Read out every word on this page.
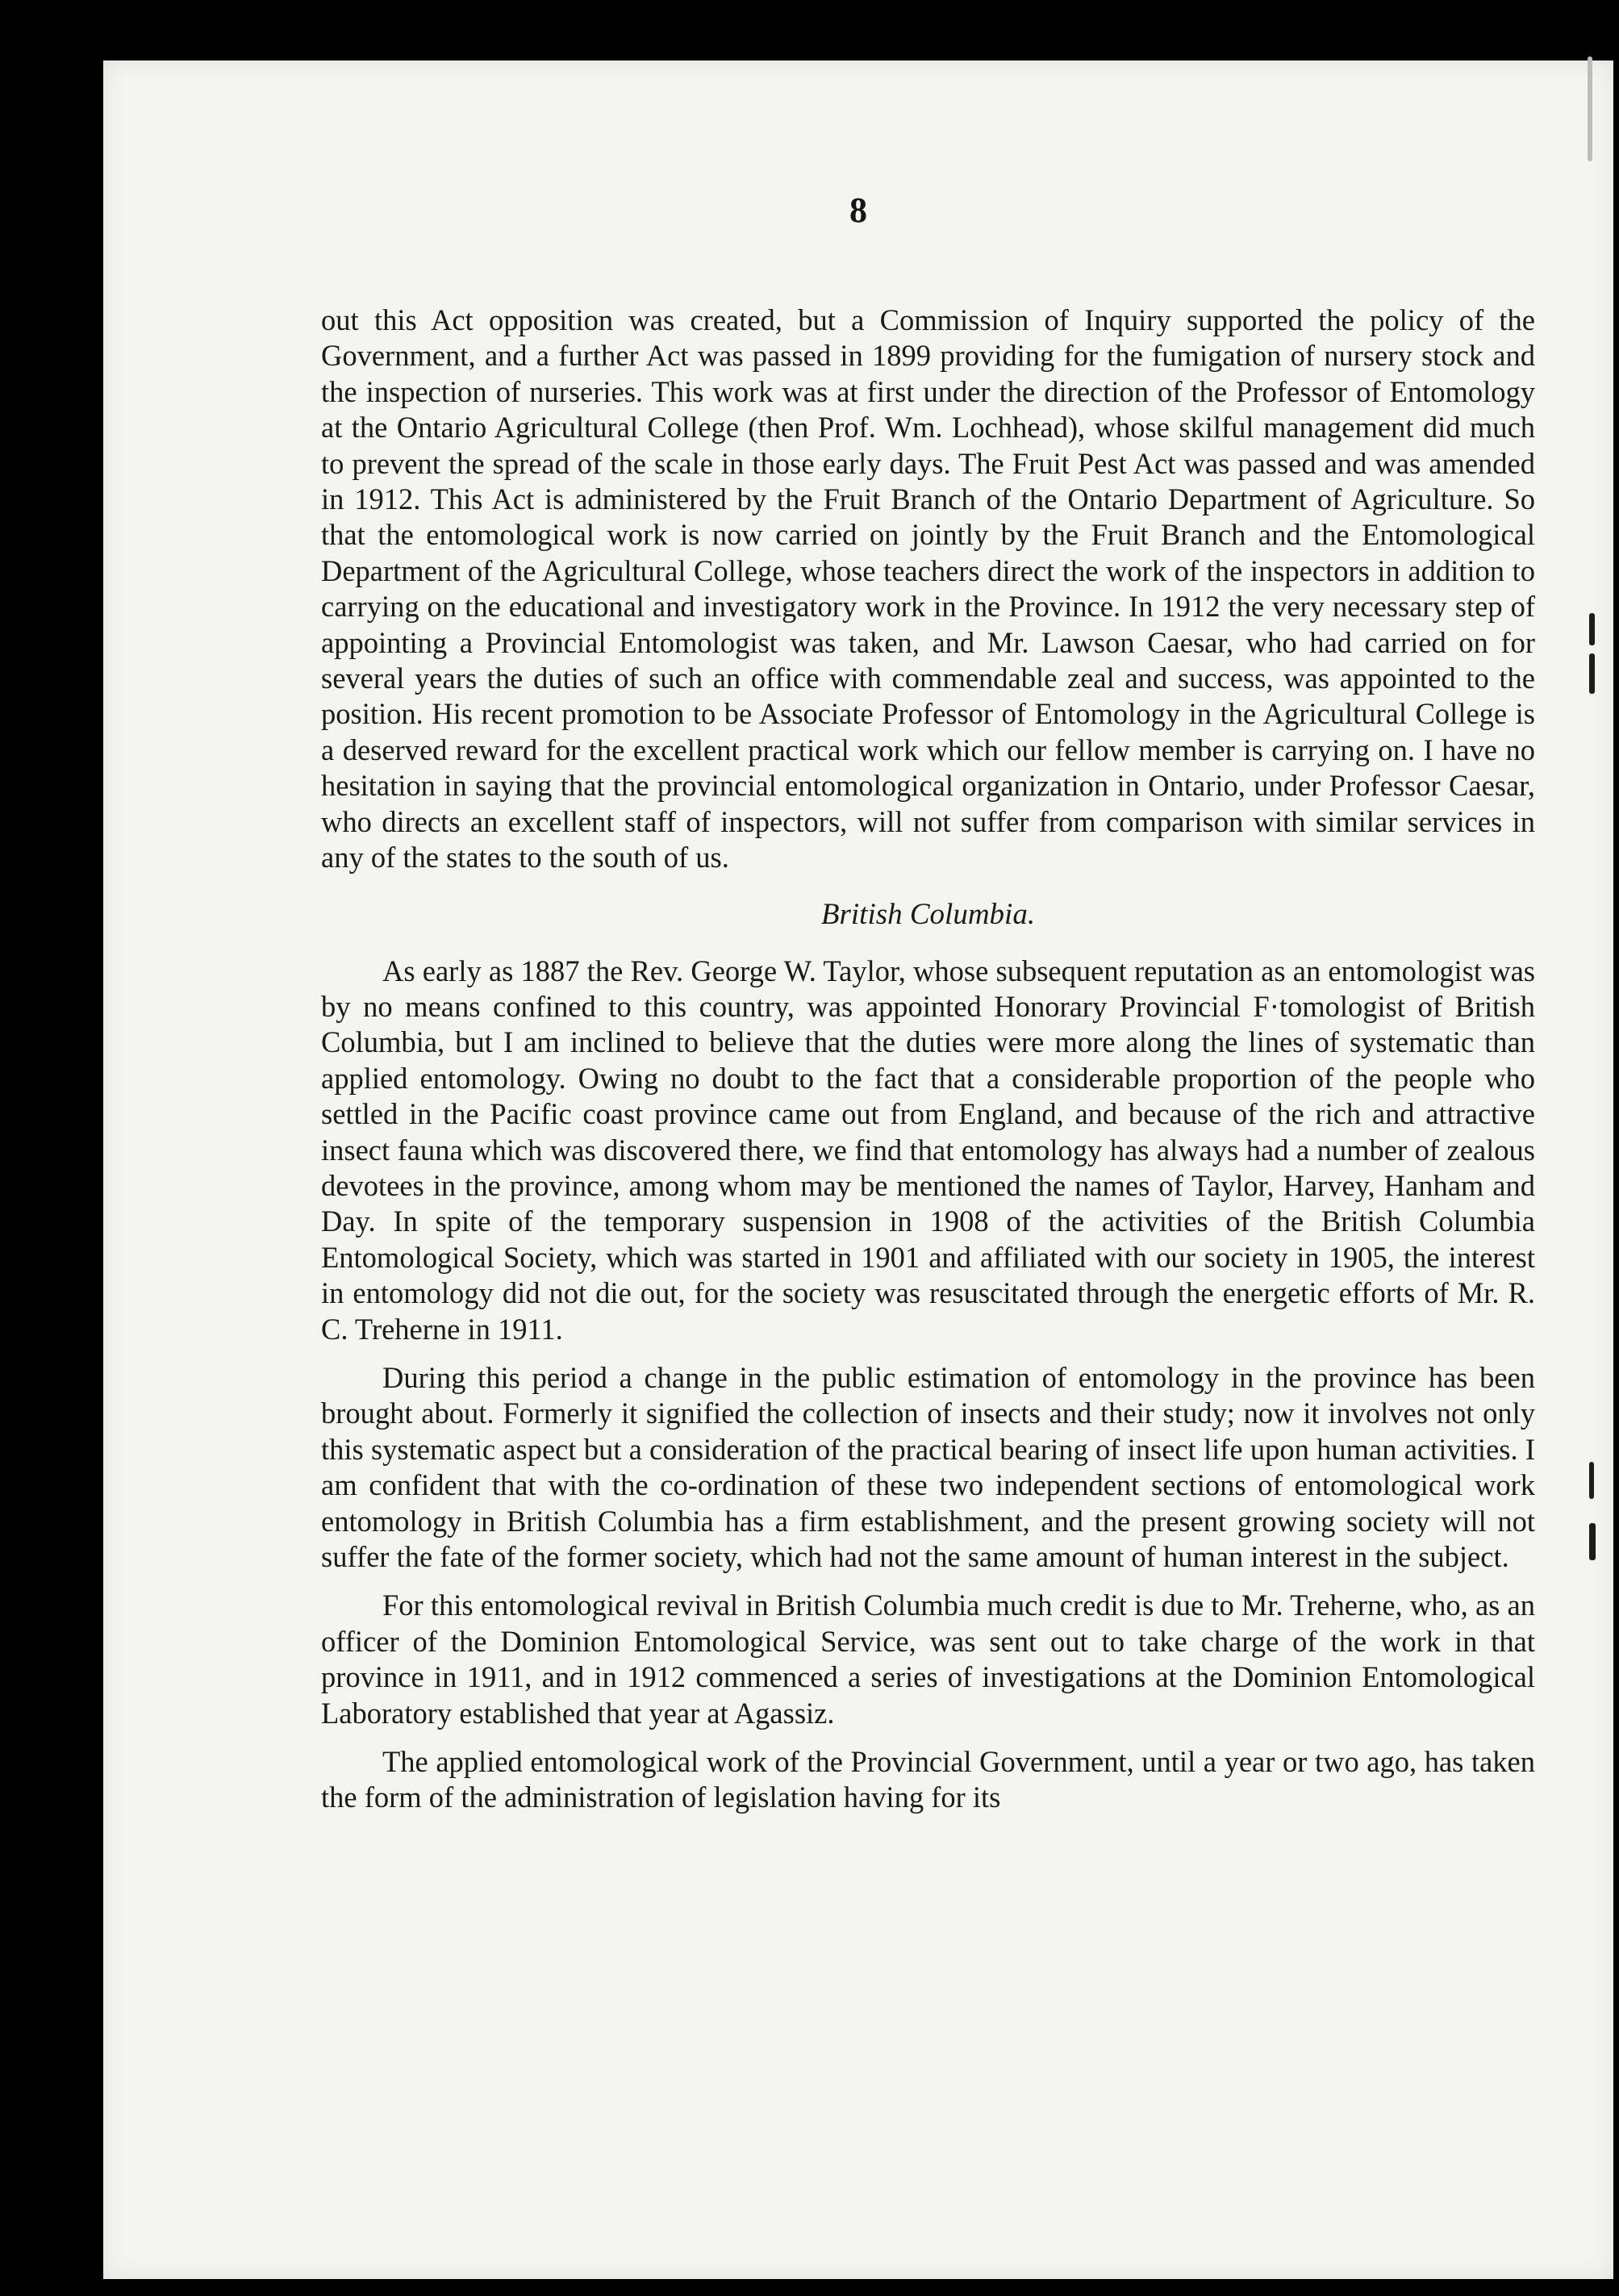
8

out this Act opposition was created, but a Commission of Inquiry supported the policy of the Government, and a further Act was passed in 1899 providing for the fumigation of nursery stock and the inspection of nurseries. This work was at first under the direction of the Professor of Entomology at the Ontario Agricultural College (then Prof. Wm. Lochhead), whose skilful management did much to prevent the spread of the scale in those early days. The Fruit Pest Act was passed and was amended in 1912. This Act is administered by the Fruit Branch of the Ontario Department of Agriculture. So that the entomological work is now carried on jointly by the Fruit Branch and the Entomological Department of the Agricultural College, whose teachers direct the work of the inspectors in addition to carrying on the educational and investigatory work in the Province. In 1912 the very necessary step of appointing a Provincial Entomologist was taken, and Mr. Lawson Caesar, who had carried on for several years the duties of such an office with commendable zeal and success, was appointed to the position. His recent promotion to be Associate Professor of Entomology in the Agricultural College is a deserved reward for the excellent practical work which our fellow member is carrying on. I have no hesitation in saying that the provincial entomological organization in Ontario, under Professor Caesar, who directs an excellent staff of inspectors, will not suffer from comparison with similar services in any of the states to the south of us.

British Columbia.

As early as 1887 the Rev. George W. Taylor, whose subsequent reputation as an entomologist was by no means confined to this country, was appointed Honorary Provincial F·tomologist of British Columbia, but I am inclined to believe that the duties were more along the lines of systematic than applied entomology. Owing no doubt to the fact that a considerable proportion of the people who settled in the Pacific coast province came out from England, and because of the rich and attractive insect fauna which was discovered there, we find that entomology has always had a number of zealous devotees in the province, among whom may be mentioned the names of Taylor, Harvey, Hanham and Day. In spite of the temporary suspension in 1908 of the activities of the British Columbia Entomological Society, which was started in 1901 and affiliated with our society in 1905, the interest in entomology did not die out, for the society was resuscitated through the energetic efforts of Mr. R. C. Treherne in 1911.

During this period a change in the public estimation of entomology in the province has been brought about. Formerly it signified the collection of insects and their study; now it involves not only this systematic aspect but a consideration of the practical bearing of insect life upon human activities. I am confident that with the co-ordination of these two independent sections of entomological work entomology in British Columbia has a firm establishment, and the present growing society will not suffer the fate of the former society, which had not the same amount of human interest in the subject.

For this entomological revival in British Columbia much credit is due to Mr. Treherne, who, as an officer of the Dominion Entomological Service, was sent out to take charge of the work in that province in 1911, and in 1912 commenced a series of investigations at the Dominion Entomological Laboratory established that year at Agassiz.

The applied entomological work of the Provincial Government, until a year or two ago, has taken the form of the administration of legislation having for its
